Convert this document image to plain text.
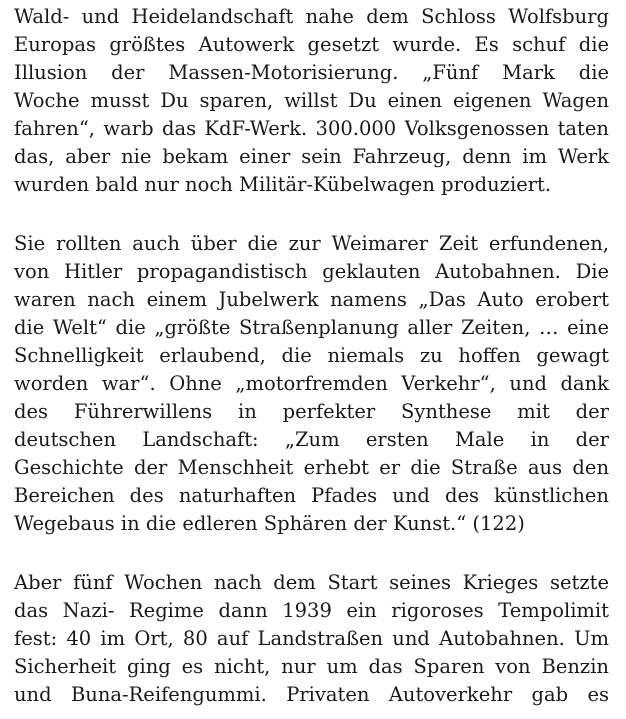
Wald- und Heidelandschaft nahe dem Schloss Wolfsburg
Europas größtes Autowerk gesetzt wurde. Es schuf die
Illusion der Massen-Motorisierung. „Fünf Mark die
Woche musst Du sparen, willst Du einen eigenen Wagen
fahren“, warb das KdF-Werk. 300.000 Volksgenossen taten
das, aber nie bekam einer sein Fahrzeug, denn im Werk
wurden bald nur noch Militär-Kübelwagen produziert.
Sie rollten auch über die zur Weimarer Zeit erfundenen,
von Hitler propagandistisch geklauten Autobahnen. Die
waren nach einem Jubelwerk namens „Das Auto erobert
die Welt“ die „größte Straßenplanung aller Zeiten, … eine
Schnelligkeit erlaubend, die niemals zu hoffen gewagt
worden war“. Ohne „motorfremden Verkehr“, und dank
des Führerwillens in perfekter Synthese mit der
deutschen Landschaft: „Zum ersten Male in der
Geschichte der Menschheit erhebt er die Straße aus den
Bereichen des naturhaften Pfades und des künstlichen
Wegebaus in die edleren Sphären der Kunst.“ (122)
Aber fünf Wochen nach dem Start seines Krieges setzte
das Nazi- Regime dann 1939 ein rigoroses Tempolimit
fest: 40 im Ort, 80 auf Landstraßen und Autobahnen. Um
Sicherheit ging es nicht, nur um das Sparen von Benzin
und Buna-Reifengummi. Privaten Autoverkehr gab es
